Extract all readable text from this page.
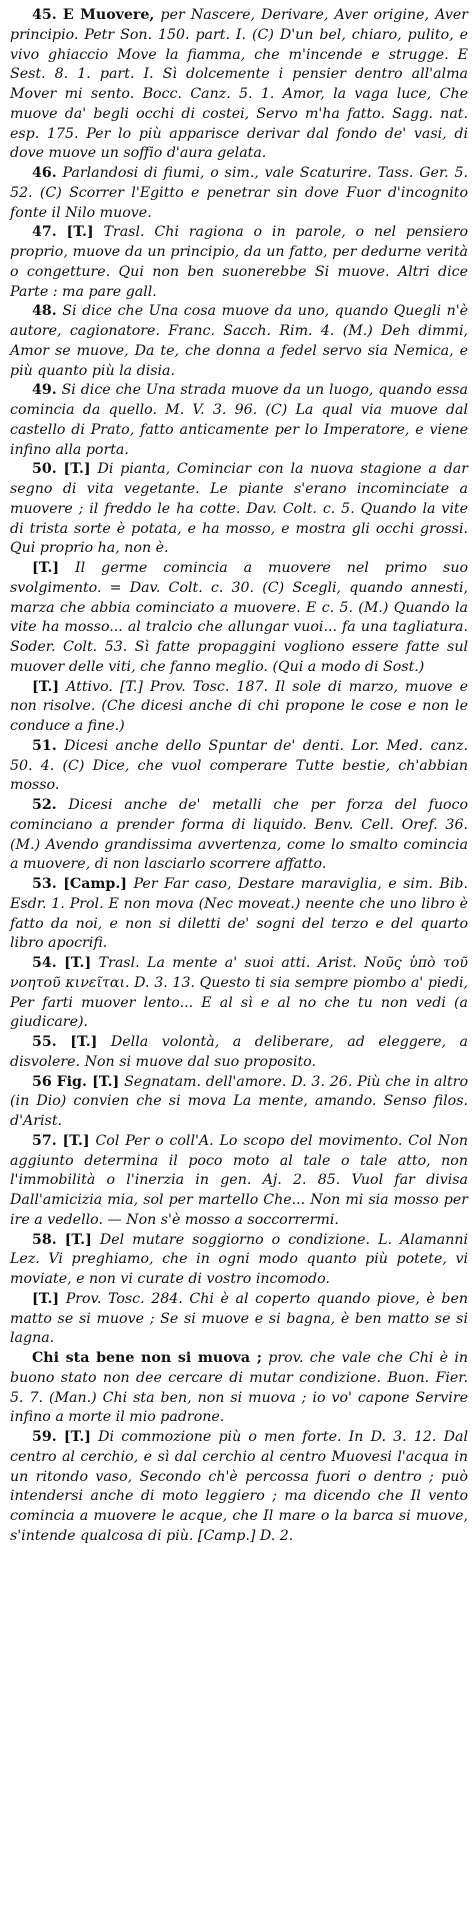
45. E Muovere, per Nascere, Derivare, Aver origine, Aver principio. Petr Son. 150. part. I. (C) D'un bel, chiaro, pulito, e vivo ghiaccio Move la fiamma, che m'incende e strugge. E Sest. 8. 1. part. I. Sì dolcemente i pensier dentro all'alma Mover mi sento. Bocc. Canz. 5. 1. Amor, la vaga luce, Che muove da' begli occhi di costei, Servo m'ha fatto. Sagg. nat. esp. 175. Per lo più apparisce derivar dal fondo de' vasi, di dove muove un soffio d'aura gelata.

46. Parlandosi di fiumi, o sim., vale Scaturire. Tass. Ger. 5. 52. (C) Scorrer l'Egitto e penetrar sin dove Fuor d'incognito fonte il Nilo muove.

47. [T.] Trasl. Chi ragiona o in parole, o nel pensiero proprio, muove da un principio, da un fatto, per dedurne verità o congetture. Qui non ben suonerebbe Si muove. Altri dice Parte : ma pare gall.

48. Si dice che Una cosa muove da uno, quando Quegli n'è autore, cagionatore. Franc. Sacch. Rim. 4. (M.) Deh dimmi, Amor se muove, Da te, che donna a fedel servo sia Nemica, e più quanto più la disia.

49. Si dice che Una strada muove da un luogo, quando essa comincia da quello. M. V. 3. 96. (C) La qual via muove dal castello di Prato, fatto anticamente per lo Imperatore, e viene infino alla porta.

50. [T.] Di pianta, Cominciar con la nuova stagione a dar segno di vita vegetante. Le piante s'erano incominciate a muovere ; il freddo le ha cotte. Dav. Colt. c. 5. Quando la vite di trista sorte è potata, e ha mosso, e mostra gli occhi grossi. Qui proprio ha, non è.

[T.] Il germe comincia a muovere nel primo suo svolgimento. = Dav. Colt. c. 30. (C) Scegli, quando annesti, marza che abbia cominciato a muovere. E c. 5. (M.) Quando la vite ha mosso... al tralcio che allungar vuoi... fa una tagliatura. Soder. Colt. 53. Sì fatte propaggini vogliono essere fatte sul muover delle viti, che fanno meglio. (Qui a modo di Sost.)

[T.] Attivo. [T.] Prov. Tosc. 187. Il sole di marzo, muove e non risolve. (Che dicesi anche di chi propone le cose e non le conduce a fine.)

51. Dicesi anche dello Spuntar de' denti. Lor. Med. canz. 50. 4. (C) Dice, che vuol comperare Tutte bestie, ch'abbian mosso.

52. Dicesi anche de' metalli che per forza del fuoco cominciano a prender forma di liquido. Benv. Cell. Oref. 36. (M.) Avendo grandissima avvertenza, come lo smalto comincia a muovere, di non lasciarlo scorrere affatto.

53. [Camp.] Per Far caso, Destare maraviglia, e sim. Bib. Esdr. 1. Prol. E non mova (Nec moveat.) neente che uno libro è fatto da noi, e non si diletti de' sogni del terzo e del quarto libro apocrifi.

54. [T.] Trasl. La mente a' suoi atti. Arist. Νοῦς ὑπὸ τοῦ νοητοῦ κινεῖται. D. 3. 13. Questo ti sia sempre piombo a' piedi, Per farti muover lento... E al sì e al no che tu non vedi (a giudicare).

55. [T.] Della volontà, a deliberare, ad eleggere, a disvolere. Non si muove dal suo proposito.

56 Fig. [T.] Segnatam. dell'amore. D. 3. 26. Più che in altro (in Dio) convien che si mova La mente, amando. Senso filos. d'Arist.

57. [T.] Col Per o coll'A. Lo scopo del movimento. Col Non aggiunto determina il poco moto al tale o tale atto, non l'immobilità o l'inerzia in gen. Aj. 2. 85. Vuol far divisa Dall'amicizia mia, sol per martello Che... Non mi sia mosso per ire a vedello. — Non s'è mosso a soccorrermi.

58. [T.] Del mutare soggiorno o condizione. L. Alamanni Lez. Vi preghiamo, che in ogni modo quanto più potete, vi moviate, e non vi curate di vostro incomodo.

[T.] Prov. Tosc. 284. Chi è al coperto quando piove, è ben matto se si muove ; Se si muove e si bagna, è ben matto se si lagna.

Chi sta bene non si muova ; prov. che vale che Chi è in buono stato non dee cercare di mutar condizione. Buon. Fier. 5. 7. (Man.) Chi sta ben, non si muova ; io vo' capone Servire infino a morte il mio padrone.

59. [T.] Di commozione più o men forte. In D. 3. 12. Dal centro al cerchio, e sì dal cerchio al centro Muovesi l'acqua in un ritondo vaso, Secondo ch'è percossa fuori o dentro ; può intendersi anche di moto leggiero ; ma dicendo che Il vento comincia a muovere le acque, che Il mare o la barca si muove, s'intende qualcosa di più. [Camp.] D. 2.
